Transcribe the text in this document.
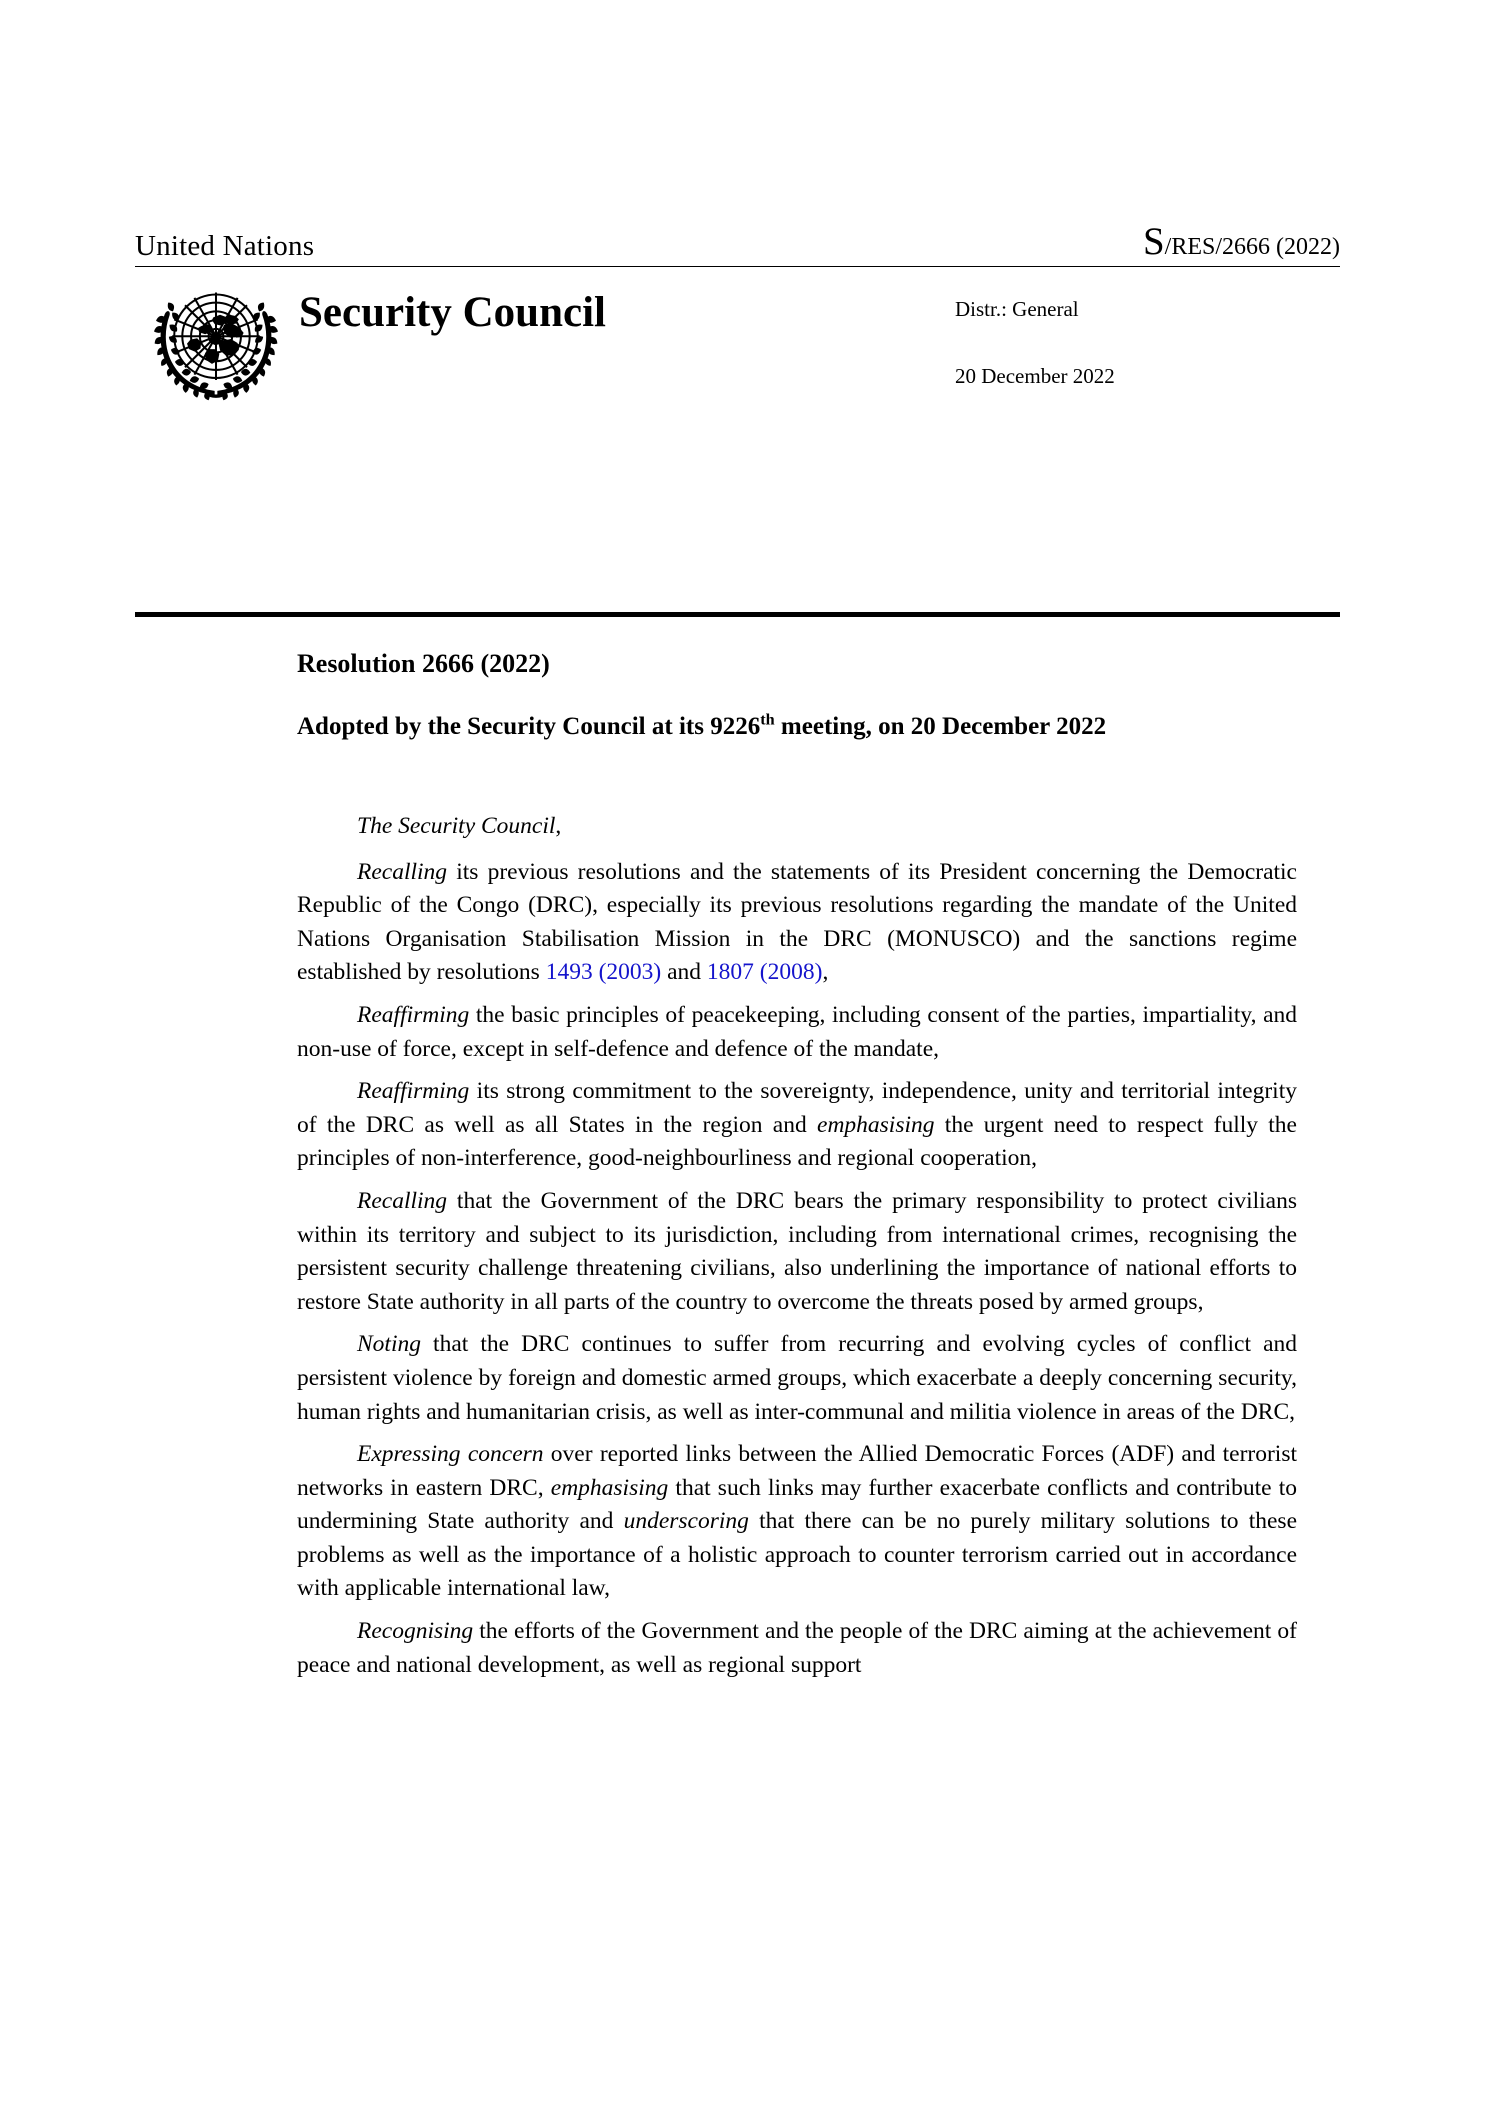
United Nations	S/RES/2666 (2022)
Security Council	Distr.: General

20 December 2022

Resolution 2666 (2022)
Adopted by the Security Council at its 9226th meeting, on 20 December 2022

The Security Council,

Recalling its previous resolutions and the statements of its President concerning the Democratic Republic of the Congo (DRC), especially its previous resolutions regarding the mandate of the United Nations Organisation Stabilisation Mission in the DRC (MONUSCO) and the sanctions regime established by resolutions 1493 (2003) and 1807 (2008),

Reaffirming the basic principles of peacekeeping, including consent of the parties, impartiality, and non-use of force, except in self-defence and defence of the mandate,

Reaffirming its strong commitment to the sovereignty, independence, unity and territorial integrity of the DRC as well as all States in the region and emphasising the urgent need to respect fully the principles of non-interference, good-neighbourliness and regional cooperation,

Recalling that the Government of the DRC bears the primary responsibility to protect civilians within its territory and subject to its jurisdiction, including from international crimes, recognising the persistent security challenge threatening civilians, also underlining the importance of national efforts to restore State authority in all parts of the country to overcome the threats posed by armed groups,

Noting that the DRC continues to suffer from recurring and evolving cycles of conflict and persistent violence by foreign and domestic armed groups, which exacerbate a deeply concerning security, human rights and humanitarian crisis, as well as inter-communal and militia violence in areas of the DRC,

Expressing concern over reported links between the Allied Democratic Forces (ADF) and terrorist networks in eastern DRC, emphasising that such links may further exacerbate conflicts and contribute to undermining State authority and underscoring that there can be no purely military solutions to these problems as well as the importance of a holistic approach to counter terrorism carried out in accordance with applicable international law,

Recognising the efforts of the Government and the people of the DRC aiming at the achievement of peace and national development, as well as regional support
